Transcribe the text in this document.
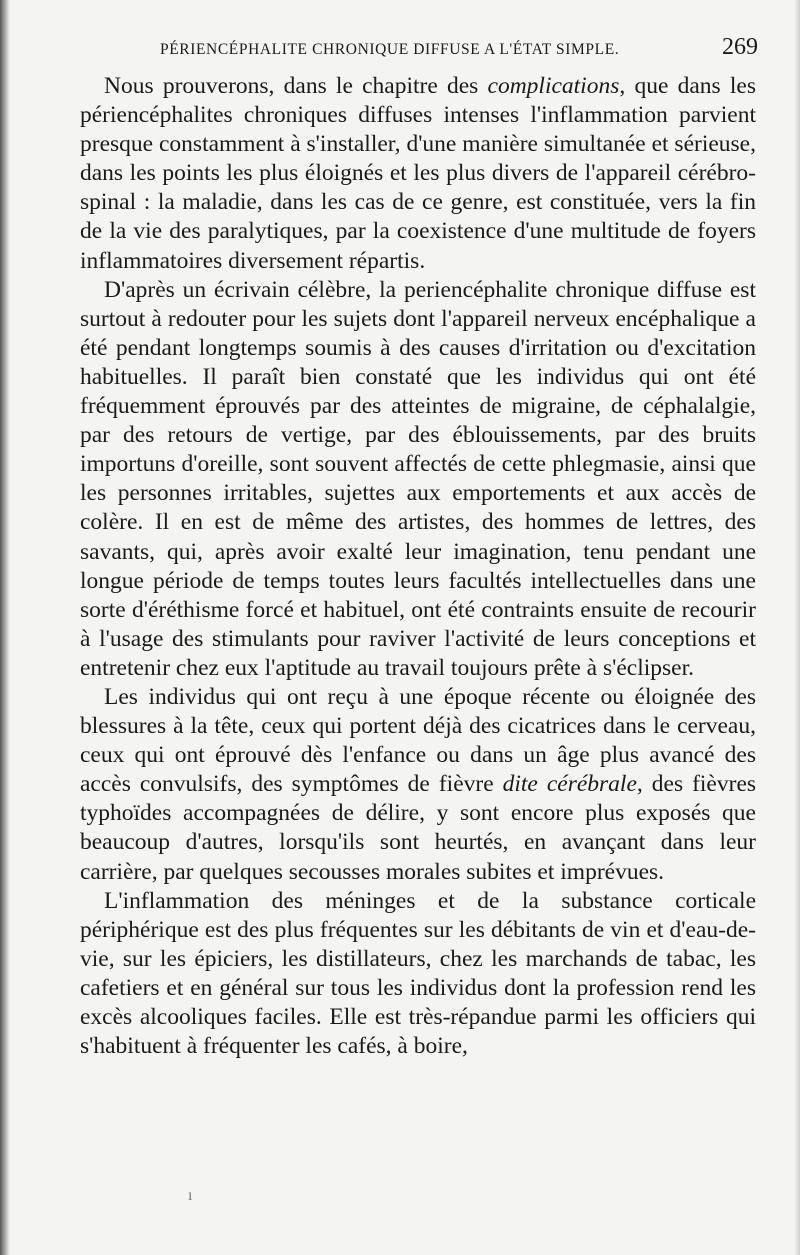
PÉRIENCÉPHALITE CHRONIQUE DIFFUSE A L'ÉTAT SIMPLE.	269

Nous prouverons, dans le chapitre des complications, que dans les périencéphalites chroniques diffuses intenses l'inflammation parvient presque constamment à s'installer, d'une manière simultanée et sérieuse, dans les points les plus éloignés et les plus divers de l'appareil cérébro-spinal : la maladie, dans les cas de ce genre, est constituée, vers la fin de la vie des paralytiques, par la coexistence d'une multitude de foyers inflammatoires diversement répartis.

D'après un écrivain célèbre, la periencéphalite chronique diffuse est surtout à redouter pour les sujets dont l'appareil nerveux encéphalique a été pendant longtemps soumis à des causes d'irritation ou d'excitation habituelles. Il paraît bien constaté que les individus qui ont été fréquemment éprouvés par des atteintes de migraine, de céphalalgie, par des retours de vertige, par des éblouissements, par des bruits importuns d'oreille, sont souvent affectés de cette phlegmasie, ainsi que les personnes irritables, sujettes aux emportements et aux accès de colère. Il en est de même des artistes, des hommes de lettres, des savants, qui, après avoir exalté leur imagination, tenu pendant une longue période de temps toutes leurs facultés intellectuelles dans une sorte d'éréthisme forcé et habituel, ont été contraints ensuite de recourir à l'usage des stimulants pour raviver l'activité de leurs conceptions et entretenir chez eux l'aptitude au travail toujours prête à s'éclipser.

Les individus qui ont reçu à une époque récente ou éloignée des blessures à la tête, ceux qui portent déjà des cicatrices dans le cerveau, ceux qui ont éprouvé dès l'enfance ou dans un âge plus avancé des accès convulsifs, des symptômes de fièvre dite cérébrale, des fièvres typhoïdes accompagnées de délire, y sont encore plus exposés que beaucoup d'autres, lorsqu'ils sont heurtés, en avançant dans leur carrière, par quelques secousses morales subites et imprévues.

L'inflammation des méninges et de la substance corticale périphérique est des plus fréquentes sur les débitants de vin et d'eau-de-vie, sur les épiciers, les distillateurs, chez les marchands de tabac, les cafetiers et en général sur tous les individus dont la profession rend les excès alcooliques faciles. Elle est très-répandue parmi les officiers qui s'habituent à fréquenter les cafés, à boire,

ı
